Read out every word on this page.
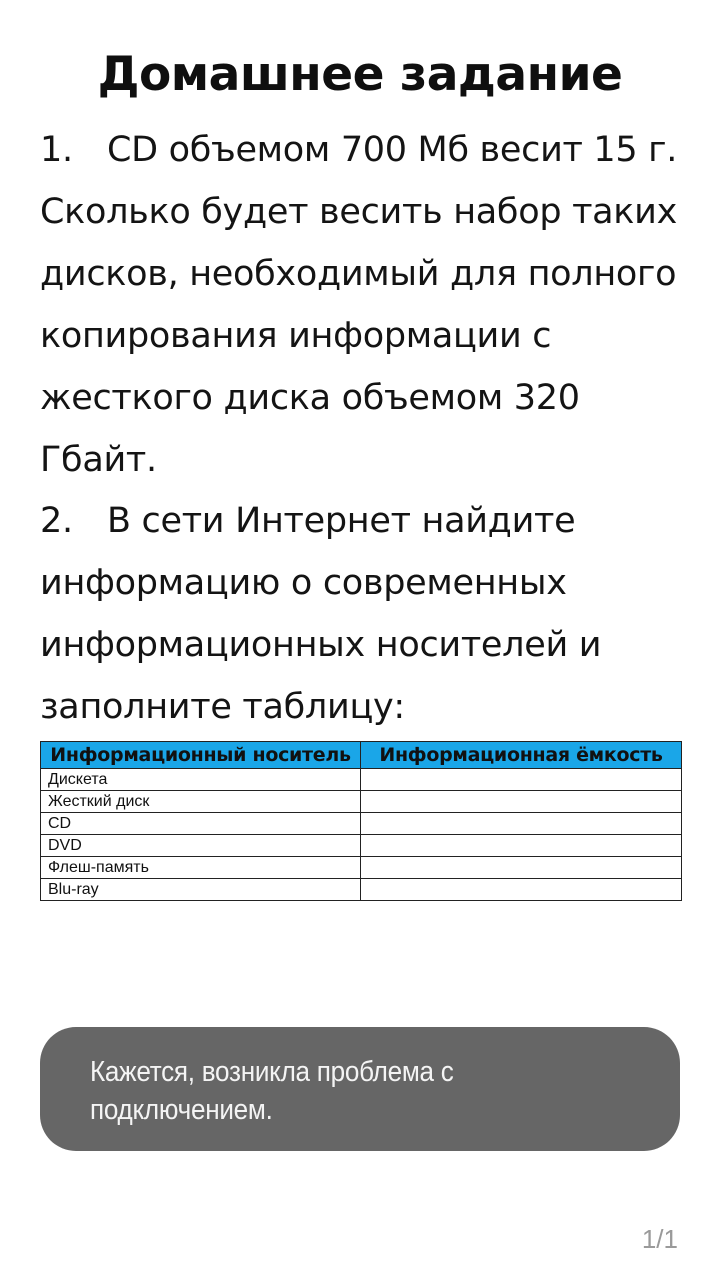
Домашнее задание
1. CD объемом 700 Мб весит 15 г. Сколько будет весить набор таких дисков, необходимый для полного копирования информации с жесткого диска объемом 320 Гбайт.
2. В сети Интернет найдите информацию о современных информационных носителей и заполните таблицу:
Информационный носитель	Информационная ёмкость
Дискета	
Жесткий диск	
CD	
DVD	
Флеш-память	
Blu-ray	
Кажется, возникла проблема с подключением.
1/1
